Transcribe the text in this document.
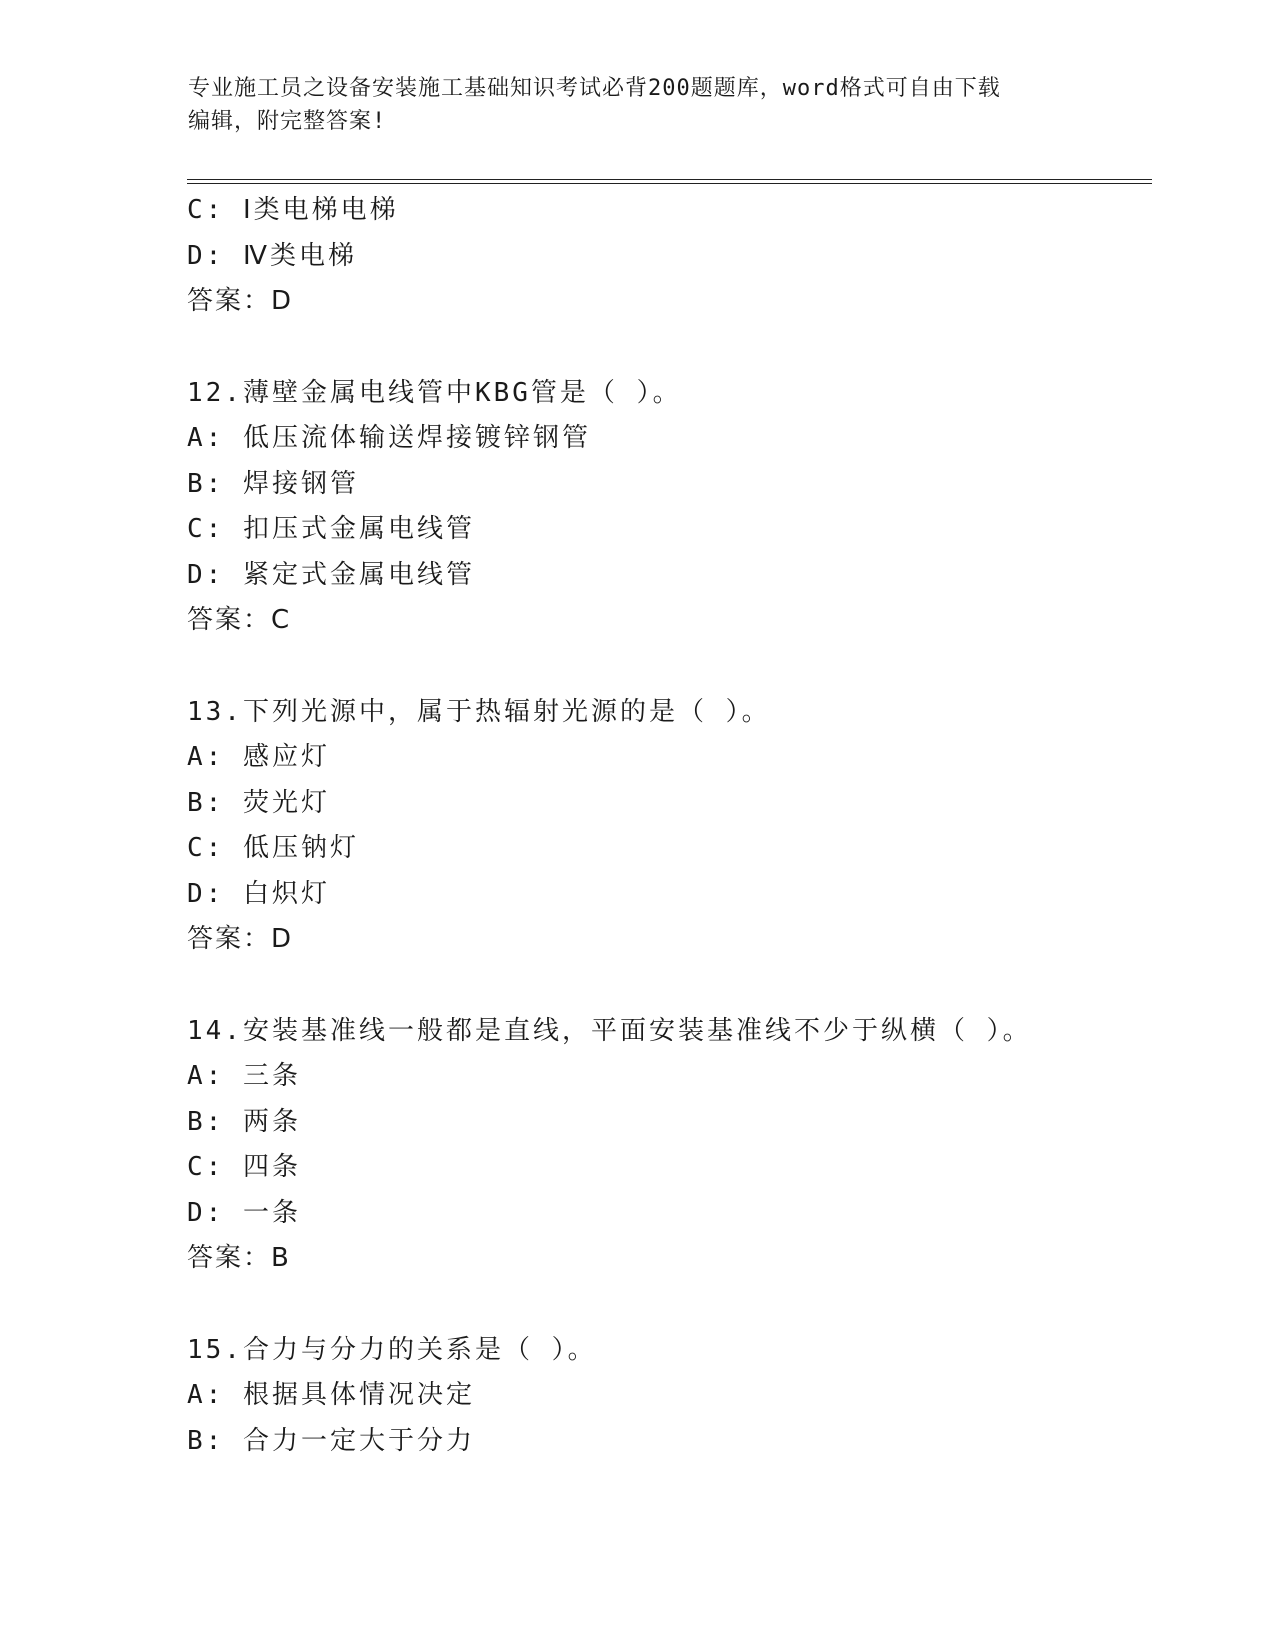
专业施工员之设备安装施工基础知识考试必背200题题库，word格式可自由下载
编辑，附完整答案!
C: Ⅰ类电梯电梯
D: Ⅳ类电梯
答案：D
12.薄壁金属电线管中KBG管是（ ）。
A: 低压流体输送焊接镀锌钢管
B: 焊接钢管
C: 扣压式金属电线管
D: 紧定式金属电线管
答案：C
13.下列光源中，属于热辐射光源的是（ ）。
A: 感应灯
B: 荧光灯
C: 低压钠灯
D: 白炽灯
答案：D
14.安装基准线一般都是直线，平面安装基准线不少于纵横（ ）。
A: 三条
B: 两条
C: 四条
D: 一条
答案：B
15.合力与分力的关系是（ ）。
A: 根据具体情况决定
B: 合力一定大于分力
